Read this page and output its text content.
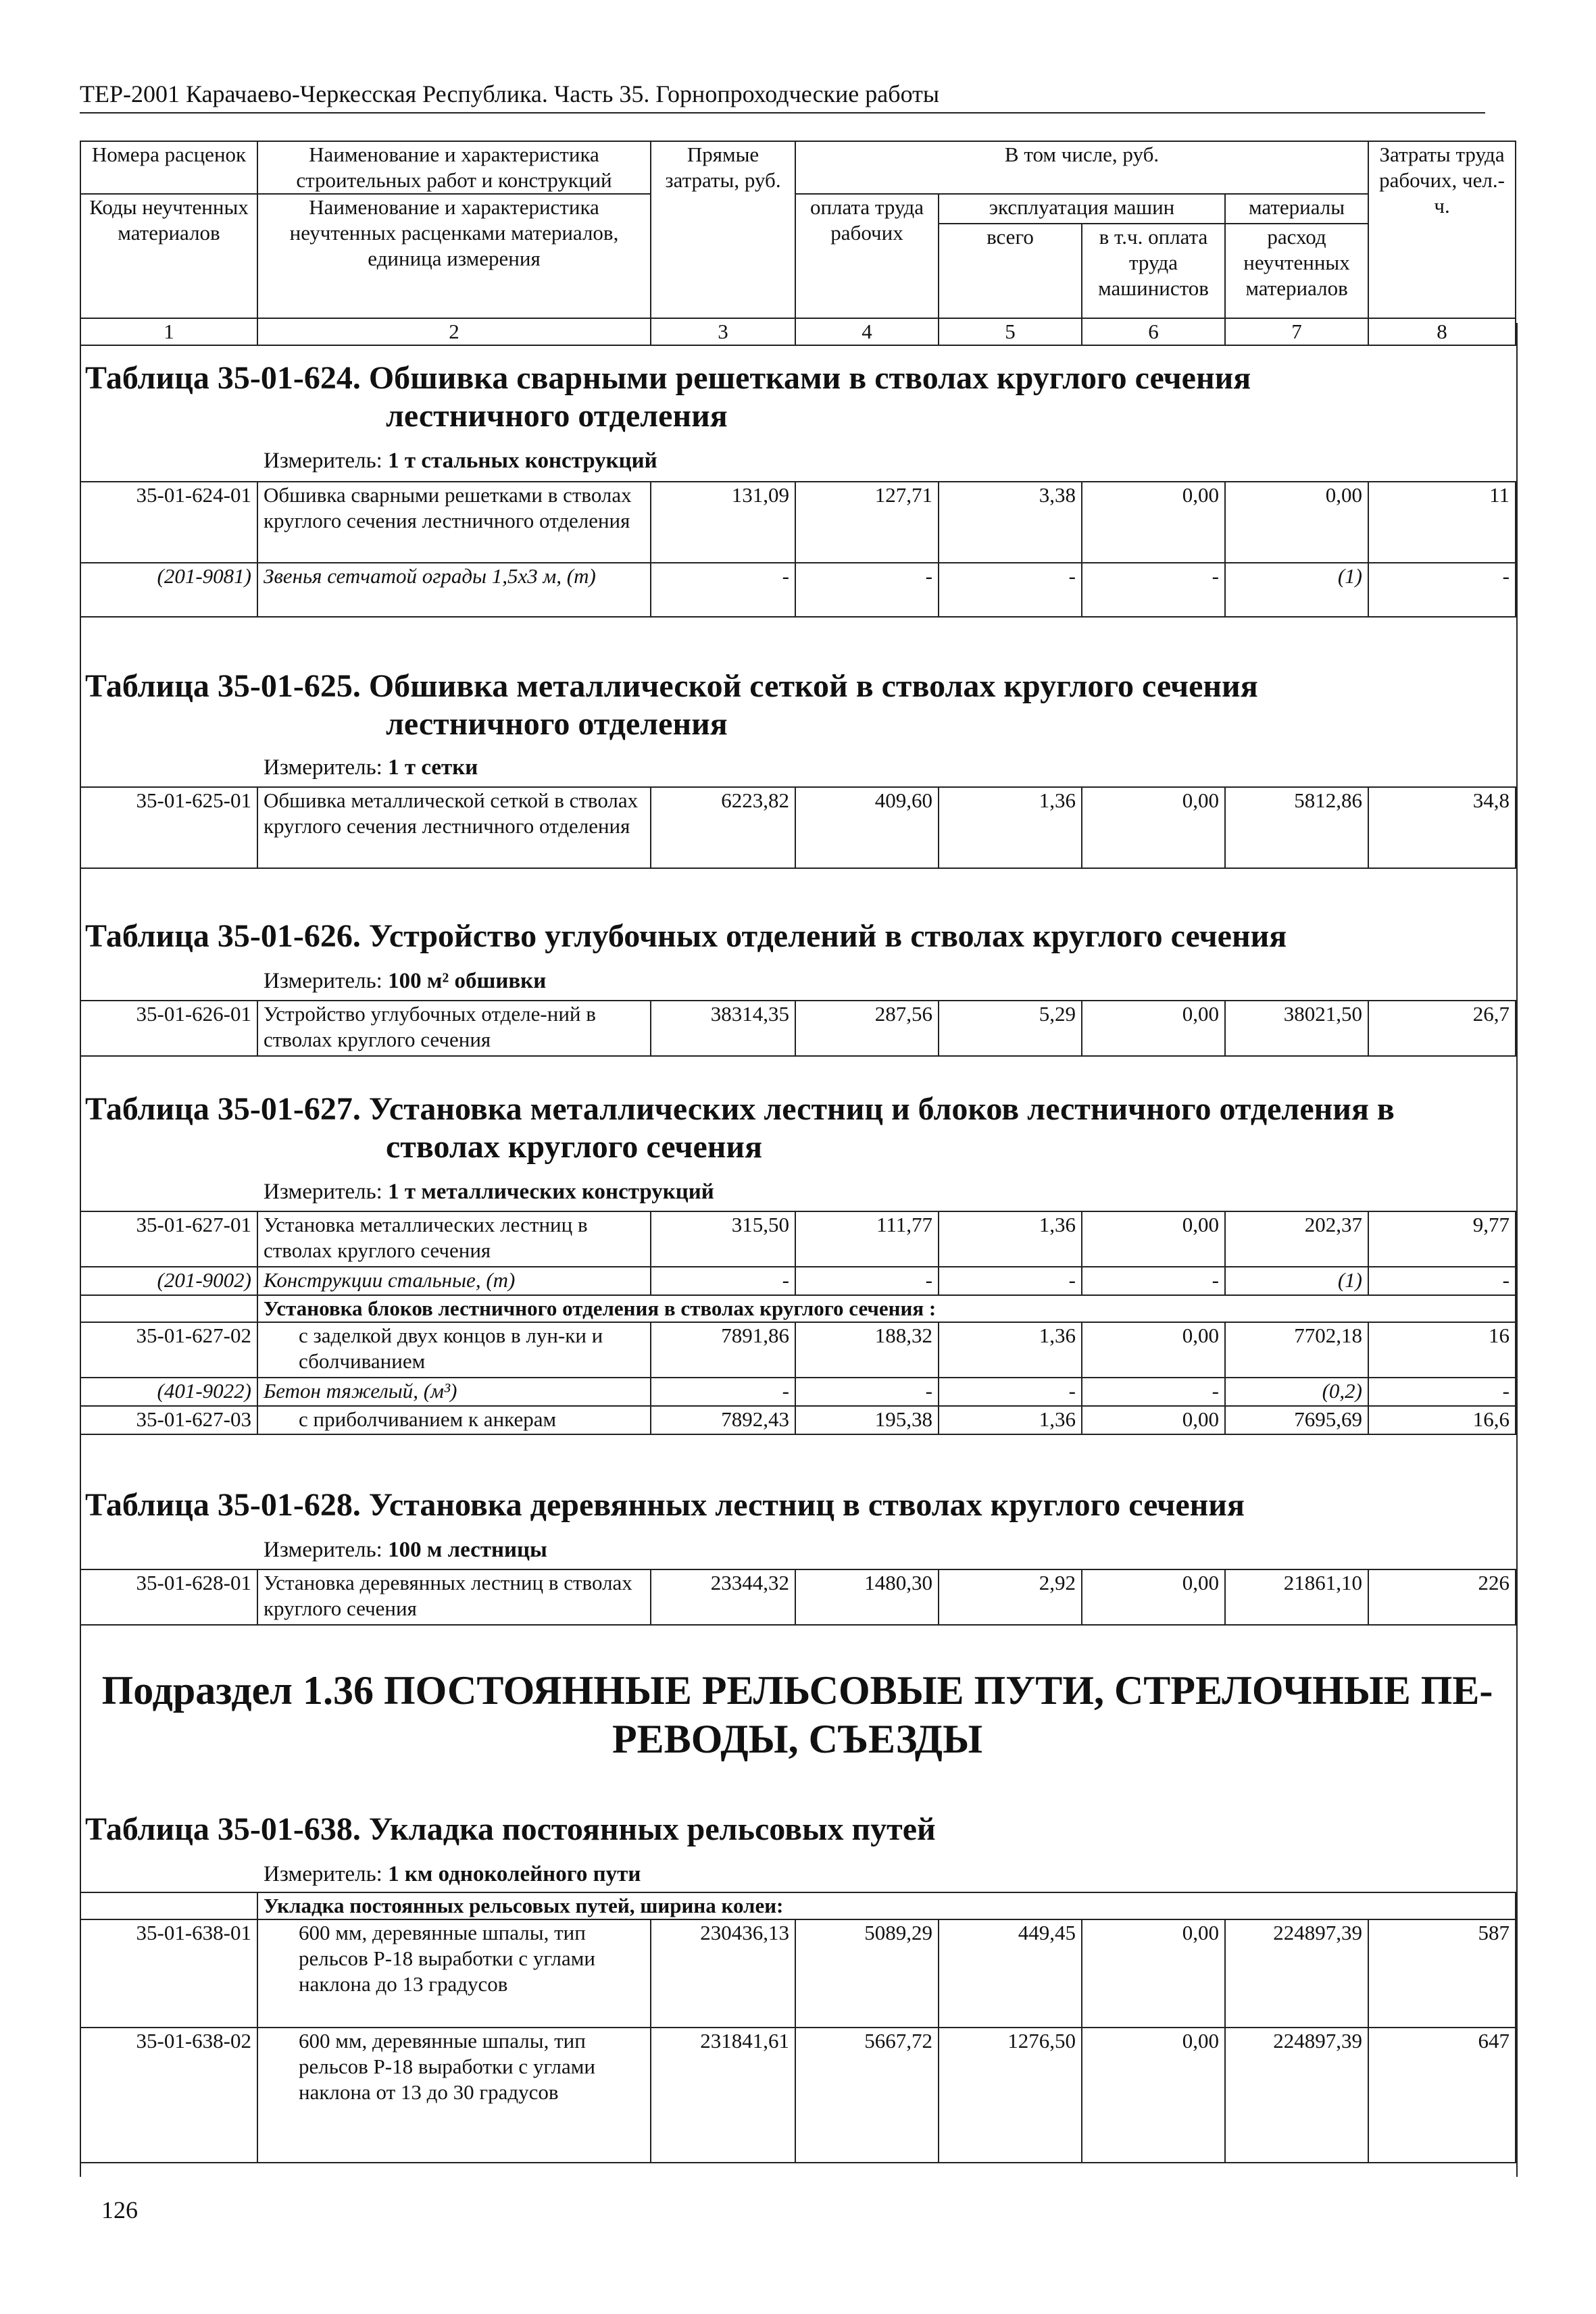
ТЕР-2001 Карачаево-Черкесская Республика. Часть 35. Горнопроходческие работы
Номера расценок	Наименование и характеристика строительных работ и конструкций	Прямые затраты, руб.	В том числе, руб.				Затраты труда рабочих, чел.-ч.
Коды неучтенных материалов	Наименование и характеристика неучтенных расценками материалов, единица измерения		оплата труда рабочих	эксплуатация машин		материалы	
				всего	в т.ч. оплата труда машинистов	расход неучтенных материалов	
1	2	3	4	5	6	7	8
Таблица 35-01-624. Обшивка сварными решетками в стволах круглого сечения
лестничного отделения
Измеритель: 1 т стальных конструкций
35-01-624-01	Обшивка сварными решетками в стволах круглого сечения лестничного отделения	131,09	127,71	3,38	0,00	0,00	11
(201-9081)	Звенья сетчатой ограды 1,5х3 м, (т)	-	-	-	-	(1)	-
Таблица 35-01-625. Обшивка металлической сеткой в стволах круглого сечения
лестничного отделения
Измеритель: 1 т сетки
35-01-625-01	Обшивка металлической сеткой в стволах круглого сечения лестничного отделения	6223,82	409,60	1,36	0,00	5812,86	34,8
Таблица 35-01-626. Устройство углубочных отделений в стволах круглого сечения
Измеритель: 100 м² обшивки
35-01-626-01	Устройство углубочных отделе-ний в стволах круглого сечения	38314,35	287,56	5,29	0,00	38021,50	26,7
Таблица 35-01-627. Установка металлических лестниц и блоков лестничного отделения в
стволах круглого сечения
Измеритель: 1 т металлических конструкций
35-01-627-01	Установка металлических лестниц в стволах круглого сечения	315,50	111,77	1,36	0,00	202,37	9,77
(201-9002)	Конструкции стальные, (т)	-	-	-	-	(1)	-
	Установка блоков лестничного отделения в стволах круглого сечения :						
35-01-627-02	с заделкой двух концов в лун-ки и сболчиванием	7891,86	188,32	1,36	0,00	7702,18	16
(401-9022)	Бетон тяжелый, (м³)	-	-	-	-	(0,2)	-
35-01-627-03	с приболчиванием к анкерам	7892,43	195,38	1,36	0,00	7695,69	16,6
Таблица 35-01-628. Установка деревянных лестниц в стволах круглого сечения
Измеритель: 100 м лестницы
35-01-628-01	Установка деревянных лестниц в стволах круглого сечения	23344,32	1480,30	2,92	0,00	21861,10	226
Подраздел 1.36 ПОСТОЯННЫЕ РЕЛЬСОВЫЕ ПУТИ, СТРЕЛОЧНЫЕ ПЕ-
РЕВОДЫ, СЪЕЗДЫ
Таблица 35-01-638. Укладка постоянных рельсовых путей
Измеритель: 1 км одноколейного пути
	Укладка постоянных рельсовых путей, ширина колеи:						
35-01-638-01	600 мм, деревянные шпалы, тип рельсов Р-18 выработки с углами наклона до 13 градусов	230436,13	5089,29	449,45	0,00	224897,39	587
35-01-638-02	600 мм, деревянные шпалы, тип рельсов Р-18 выработки с углами наклона от 13 до 30 градусов	231841,61	5667,72	1276,50	0,00	224897,39	647
126
